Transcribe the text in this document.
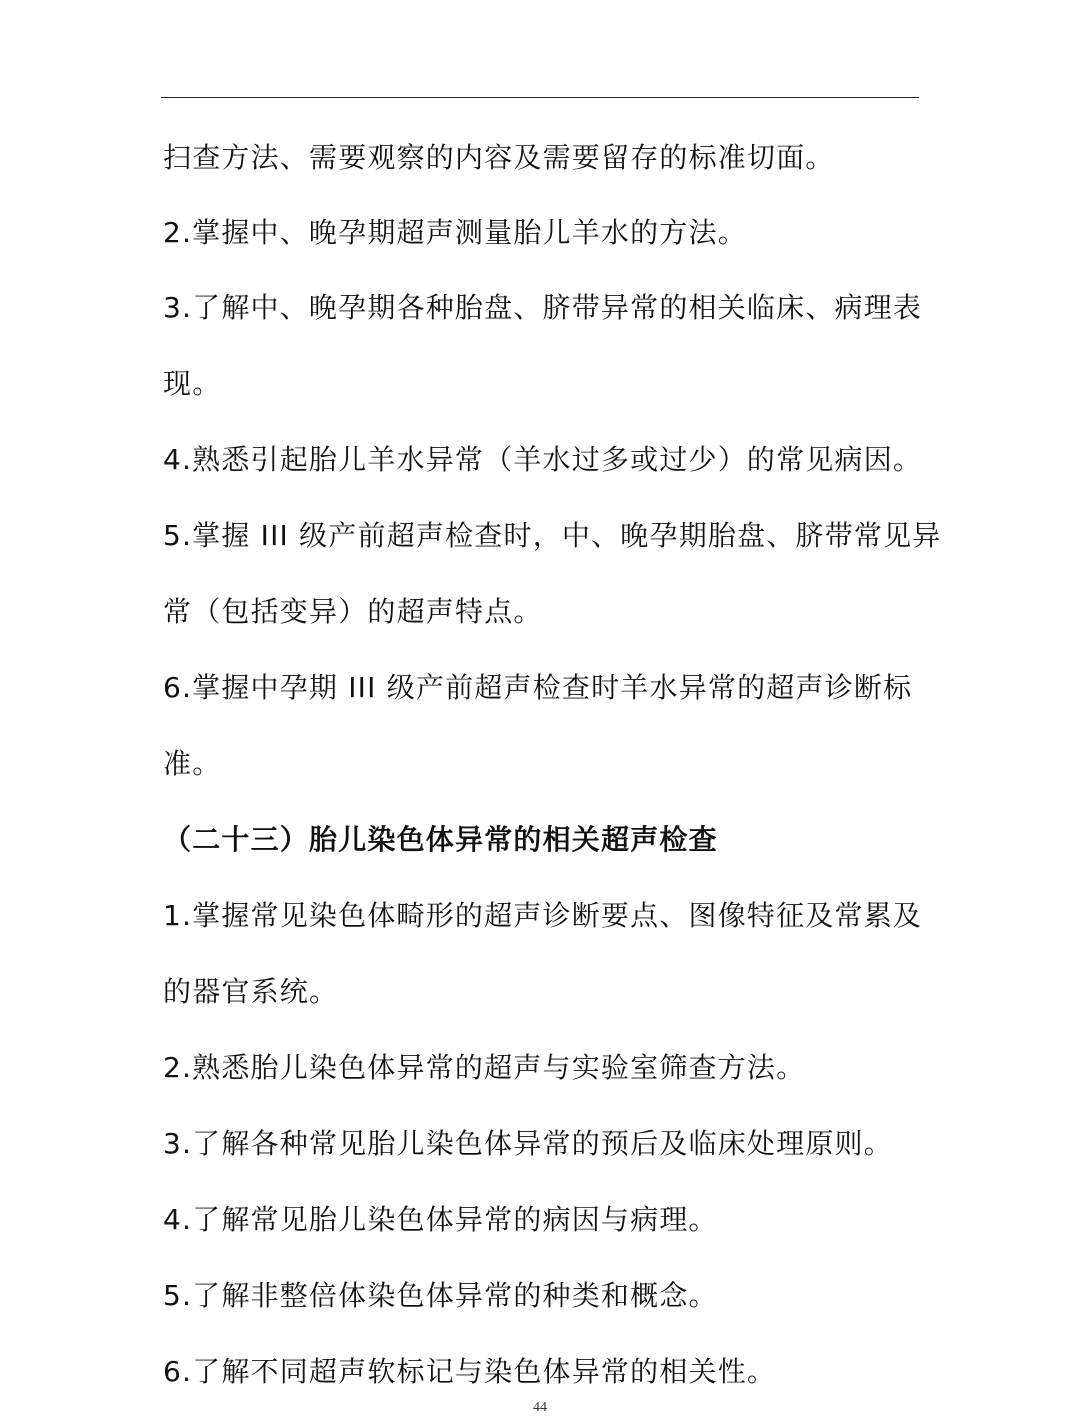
扫查方法、需要观察的内容及需要留存的标准切面。
2.掌握中、晚孕期超声测量胎儿羊水的方法。
3.了解中、晚孕期各种胎盘、脐带异常的相关临床、病理表
现。
4.熟悉引起胎儿羊水异常（羊水过多或过少）的常见病因。
5.掌握 III 级产前超声检查时，中、晚孕期胎盘、脐带常见异
常（包括变异）的超声特点。
6.掌握中孕期 III 级产前超声检查时羊水异常的超声诊断标
准。
（二十三）胎儿染色体异常的相关超声检查
1.掌握常见染色体畸形的超声诊断要点、图像特征及常累及
的器官系统。
2.熟悉胎儿染色体异常的超声与实验室筛查方法。
3.了解各种常见胎儿染色体异常的预后及临床处理原则。
4.了解常见胎儿染色体异常的病因与病理。
5.了解非整倍体染色体异常的种类和概念。
6.了解不同超声软标记与染色体异常的相关性。
44
